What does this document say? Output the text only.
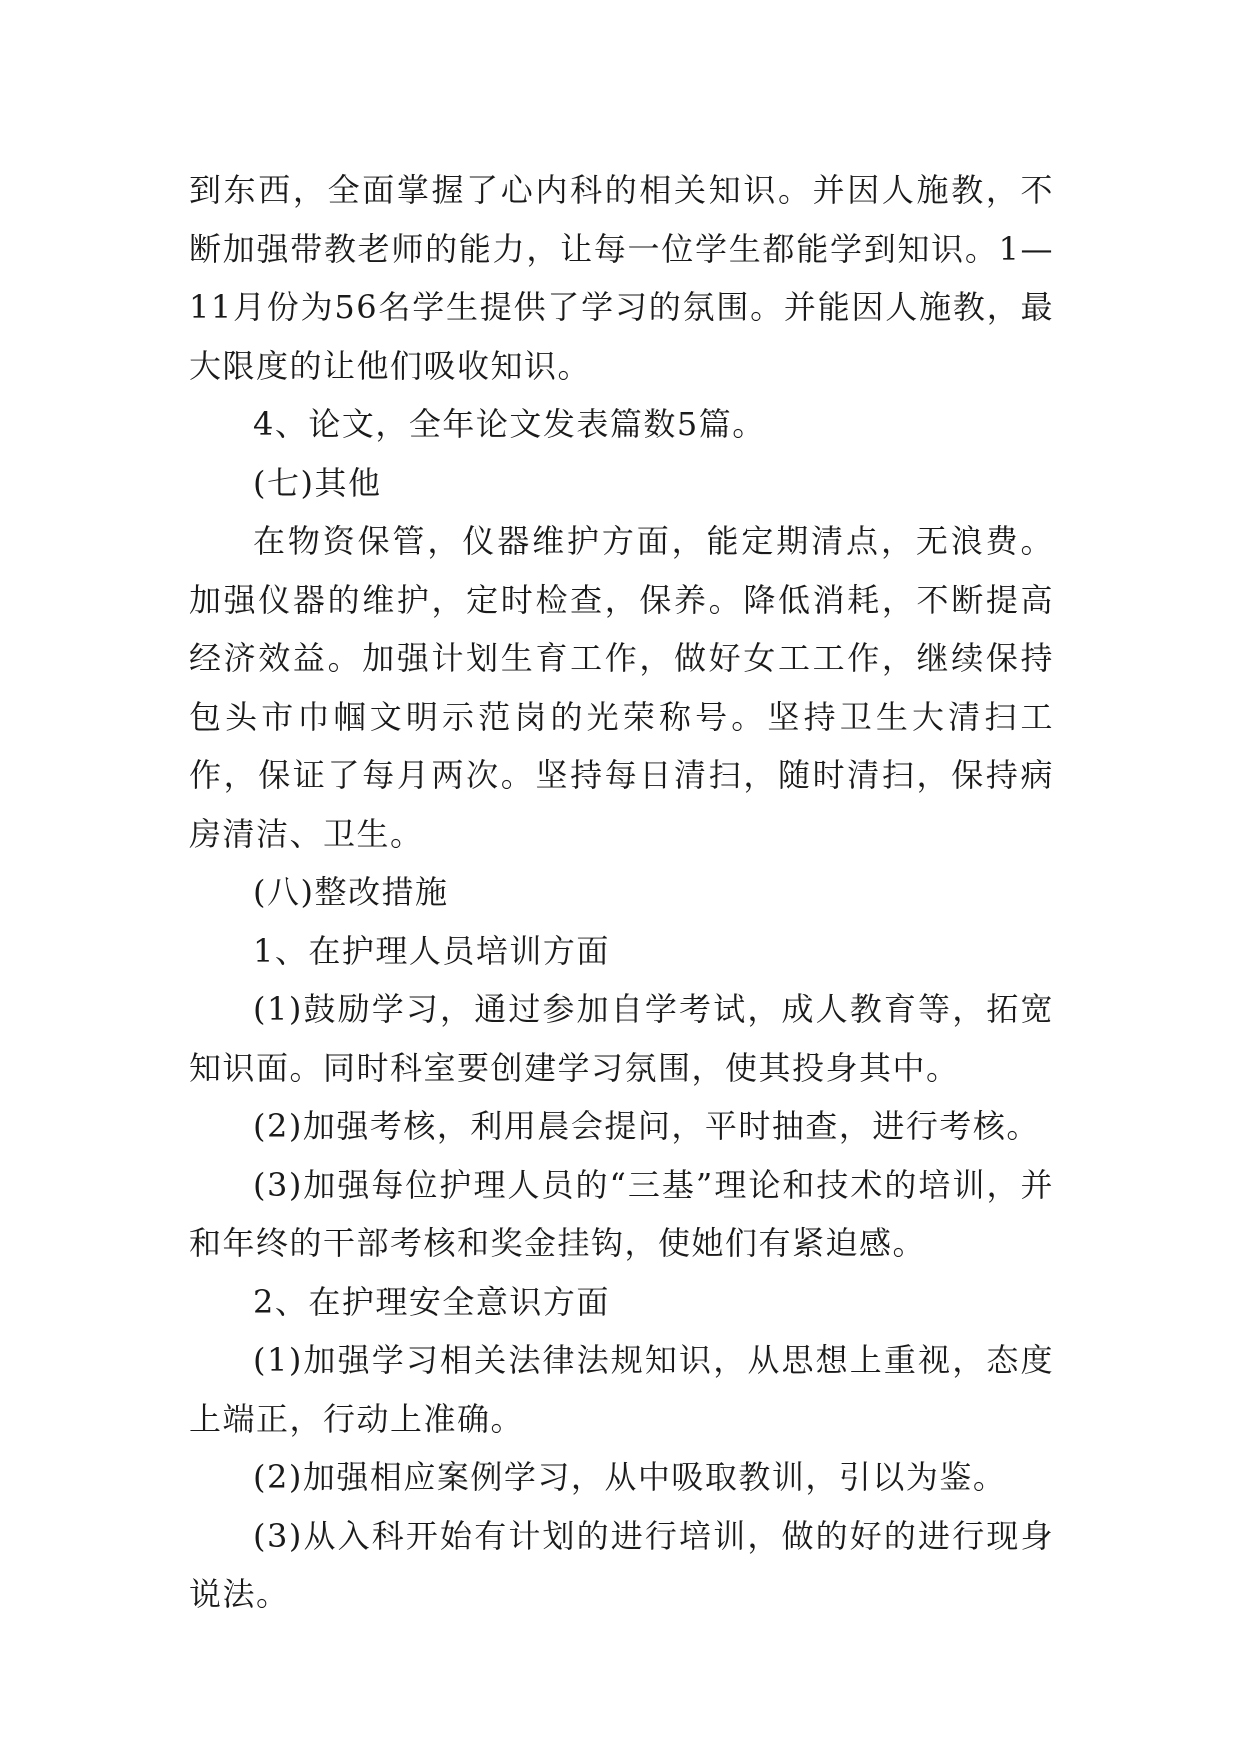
到东西，全面掌握了心内科的相关知识。并因人施教，不断加强带教老师的能力，让每一位学生都能学到知识。1—11月份为56名学生提供了学习的氛围。并能因人施教，最大限度的让他们吸收知识。

4、论文，全年论文发表篇数5篇。

(七)其他

在物资保管，仪器维护方面，能定期清点，无浪费。加强仪器的维护，定时检查，保养。降低消耗，不断提高经济效益。加强计划生育工作，做好女工工作，继续保持包头市巾帼文明示范岗的光荣称号。坚持卫生大清扫工作，保证了每月两次。坚持每日清扫，随时清扫，保持病房清洁、卫生。

(八)整改措施

1、在护理人员培训方面

(1)鼓励学习，通过参加自学考试，成人教育等，拓宽知识面。同时科室要创建学习氛围，使其投身其中。

(2)加强考核，利用晨会提问，平时抽查，进行考核。

(3)加强每位护理人员的“三基”理论和技术的培训，并和年终的干部考核和奖金挂钩，使她们有紧迫感。

2、在护理安全意识方面

(1)加强学习相关法律法规知识，从思想上重视，态度上端正，行动上准确。

(2)加强相应案例学习，从中吸取教训，引以为鉴。

(3)从入科开始有计划的进行培训，做的好的进行现身说法。
